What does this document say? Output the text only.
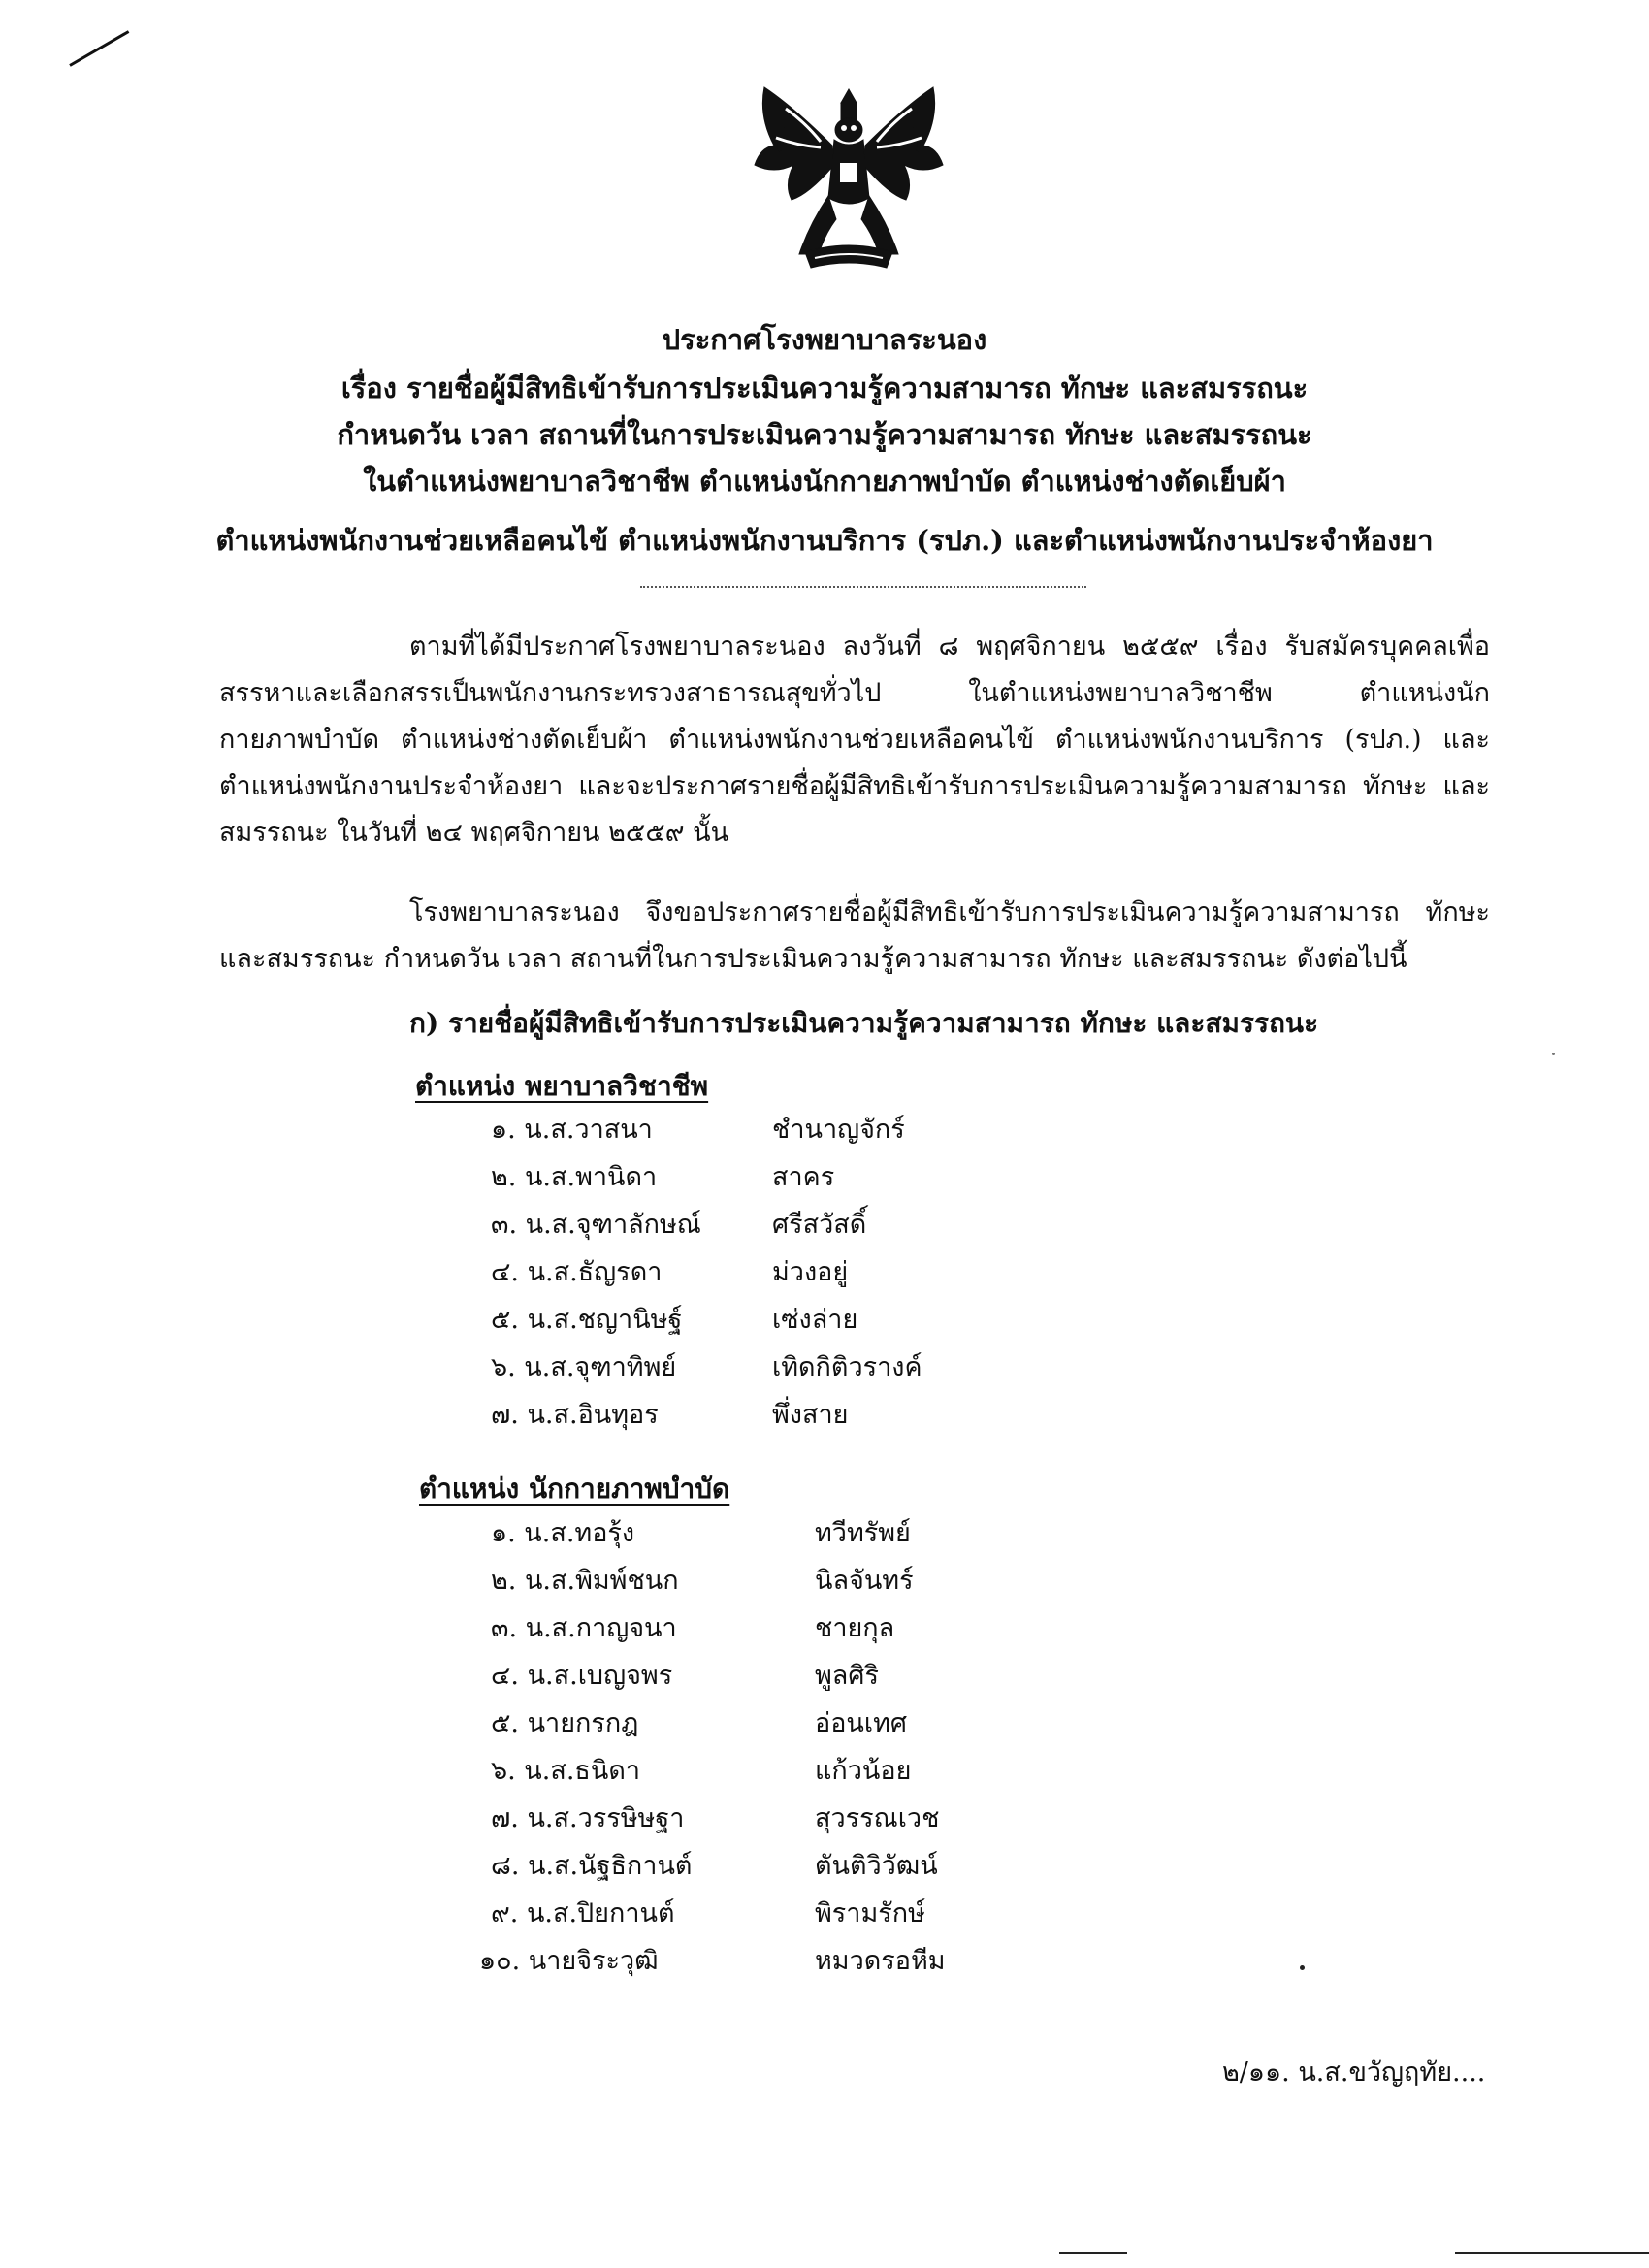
ประกาศโรงพยาบาลระนอง
เรื่อง รายชื่อผู้มีสิทธิเข้ารับการประเมินความรู้ความสามารถ ทักษะ และสมรรถนะ
กำหนดวัน เวลา สถานที่ในการประเมินความรู้ความสามารถ ทักษะ และสมรรถนะ
ในตำแหน่งพยาบาลวิชาชีพ ตำแหน่งนักกายภาพบำบัด ตำแหน่งช่างตัดเย็บผ้า
ตำแหน่งพนักงานช่วยเหลือคนไข้ ตำแหน่งพนักงานบริการ (รปภ.) และตำแหน่งพนักงานประจำห้องยา
ตามที่ได้มีประกาศโรงพยาบาลระนอง ลงวันที่ ๘ พฤศจิกายน ๒๕๕๙ เรื่อง รับสมัครบุคคลเพื่อสรรหาและเลือกสรรเป็นพนักงานกระทรวงสาธารณสุขทั่วไป ในตำแหน่งพยาบาลวิชาชีพ ตำแหน่งนักกายภาพบำบัด ตำแหน่งช่างตัดเย็บผ้า ตำแหน่งพนักงานช่วยเหลือคนไข้ ตำแหน่งพนักงานบริการ (รปภ.) และตำแหน่งพนักงานประจำห้องยา และจะประกาศรายชื่อผู้มีสิทธิเข้ารับการประเมินความรู้ความสามารถ ทักษะ และสมรรถนะ ในวันที่ ๒๔ พฤศจิกายน ๒๕๕๙ นั้น
โรงพยาบาลระนอง จึงขอประกาศรายชื่อผู้มีสิทธิเข้ารับการประเมินความรู้ความสามารถ ทักษะและสมรรถนะ กำหนดวัน เวลา สถานที่ในการประเมินความรู้ความสามารถ ทักษะ และสมรรถนะ ดังต่อไปนี้
ก) รายชื่อผู้มีสิทธิเข้ารับการประเมินความรู้ความสามารถ ทักษะ และสมรรถนะ
ตำแหน่ง พยาบาลวิชาชีพ
๑. น.ส.วาสนา	ชำนาญจักร์
๒. น.ส.พานิดา	สาคร
๓. น.ส.จุฑาลักษณ์	ศรีสวัสดิ์
๔. น.ส.ธัญรดา	ม่วงอยู่
๕. น.ส.ชญานิษฐ์	เซ่งล่าย
๖. น.ส.จุฑาทิพย์	เทิดกิติวรางค์
๗. น.ส.อินทุอร	พึ่งสาย
ตำแหน่ง นักกายภาพบำบัด
๑. น.ส.ทอรุ้ง	ทวีทรัพย์
๒. น.ส.พิมพ์ชนก	นิลจันทร์
๓. น.ส.กาญจนา	ชายกุล
๔. น.ส.เบญจพร	พูลศิริ
๕. นายกรกฎ	อ่อนเทศ
๖. น.ส.ธนิดา	แก้วน้อย
๗. น.ส.วรรษิษฐา	สุวรรณเวช
๘. น.ส.นัฐธิกานต์	ตันติวิวัฒน์
๙. น.ส.ปิยกานต์	พิรามรักษ์
๑๐. นายจิระวุฒิ	หมวดรอหีม
๒/๑๑. น.ส.ขวัญฤทัย....
